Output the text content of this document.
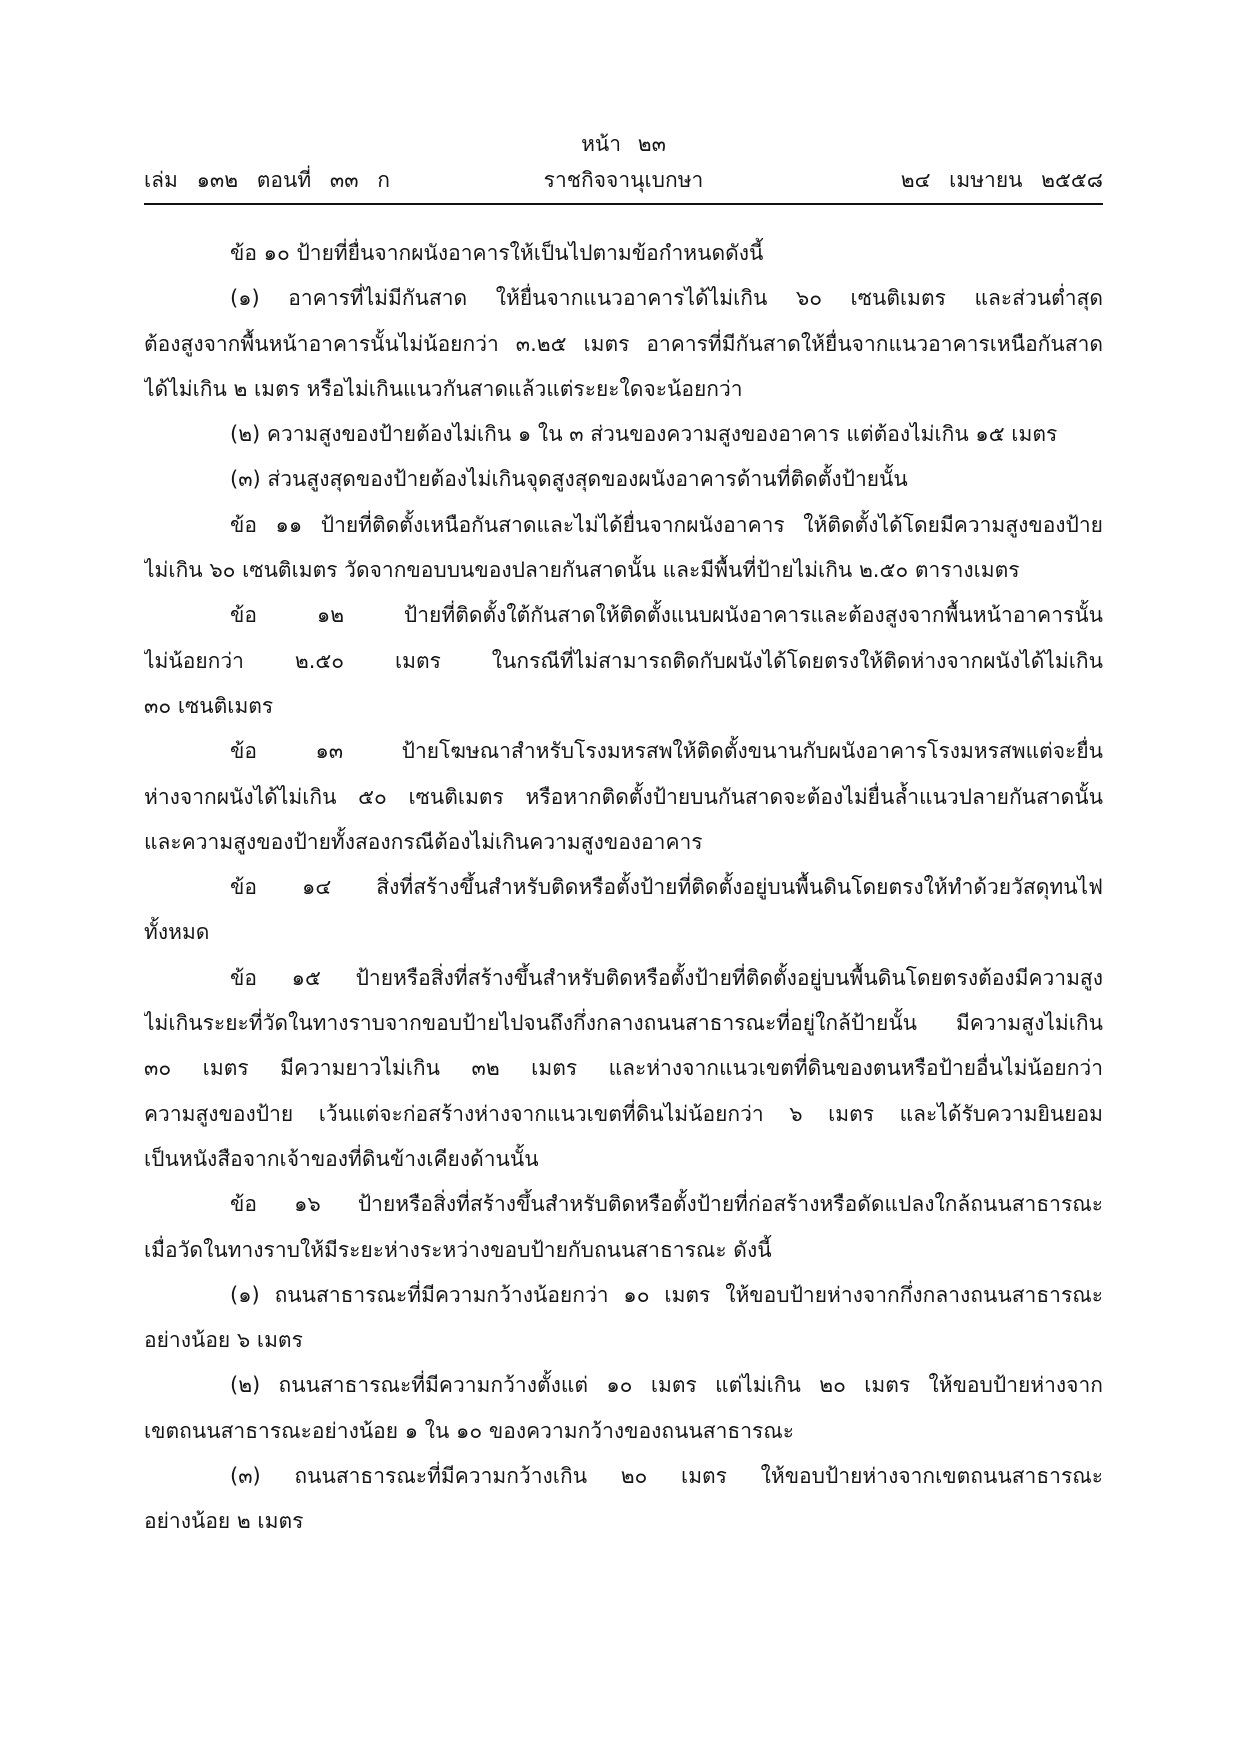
หน้า ๒๓
เล่ม ๑๓๒ ตอนที่ ๓๓ ก	ราชกิจจานุเบกษา	๒๔ เมษายน ๒๕๕๘
ข้อ ๑๐ ป้ายที่ยื่นจากผนังอาคารให้เป็นไปตามข้อกำหนดดังนี้
(๑) อาคารที่ไม่มีกันสาด ให้ยื่นจากแนวอาคารได้ไม่เกิน ๖๐ เซนติเมตร และส่วนต่ำสุด
ต้องสูงจากพื้นหน้าอาคารนั้นไม่น้อยกว่า ๓.๒๕ เมตร อาคารที่มีกันสาดให้ยื่นจากแนวอาคารเหนือกันสาด
ได้ไม่เกิน ๒ เมตร หรือไม่เกินแนวกันสาดแล้วแต่ระยะใดจะน้อยกว่า
(๒) ความสูงของป้ายต้องไม่เกิน ๑ ใน ๓ ส่วนของความสูงของอาคาร แต่ต้องไม่เกิน ๑๕ เมตร
(๓) ส่วนสูงสุดของป้ายต้องไม่เกินจุดสูงสุดของผนังอาคารด้านที่ติดตั้งป้ายนั้น
ข้อ ๑๑ ป้ายที่ติดตั้งเหนือกันสาดและไม่ได้ยื่นจากผนังอาคาร ให้ติดตั้งได้โดยมีความสูงของป้าย
ไม่เกิน ๖๐ เซนติเมตร วัดจากขอบบนของปลายกันสาดนั้น และมีพื้นที่ป้ายไม่เกิน ๒.๕๐ ตารางเมตร
ข้อ ๑๒ ป้ายที่ติดตั้งใต้กันสาดให้ติดตั้งแนบผนังอาคารและต้องสูงจากพื้นหน้าอาคารนั้น
ไม่น้อยกว่า ๒.๕๐ เมตร ในกรณีที่ไม่สามารถติดกับผนังได้โดยตรงให้ติดห่างจากผนังได้ไม่เกิน
๓๐ เซนติเมตร
ข้อ ๑๓ ป้ายโฆษณาสำหรับโรงมหรสพให้ติดตั้งขนานกับผนังอาคารโรงมหรสพแต่จะยื่น
ห่างจากผนังได้ไม่เกิน ๕๐ เซนติเมตร หรือหากติดตั้งป้ายบนกันสาดจะต้องไม่ยื่นล้ำแนวปลายกันสาดนั้น
และความสูงของป้ายทั้งสองกรณีต้องไม่เกินความสูงของอาคาร
ข้อ ๑๔ สิ่งที่สร้างขึ้นสำหรับติดหรือตั้งป้ายที่ติดตั้งอยู่บนพื้นดินโดยตรงให้ทำด้วยวัสดุทนไฟ
ทั้งหมด
ข้อ ๑๕ ป้ายหรือสิ่งที่สร้างขึ้นสำหรับติดหรือตั้งป้ายที่ติดตั้งอยู่บนพื้นดินโดยตรงต้องมีความสูง
ไม่เกินระยะที่วัดในทางราบจากขอบป้ายไปจนถึงกึ่งกลางถนนสาธารณะที่อยู่ใกล้ป้ายนั้น มีความสูงไม่เกิน
๓๐ เมตร มีความยาวไม่เกิน ๓๒ เมตร และห่างจากแนวเขตที่ดินของตนหรือป้ายอื่นไม่น้อยกว่า
ความสูงของป้าย เว้นแต่จะก่อสร้างห่างจากแนวเขตที่ดินไม่น้อยกว่า ๖ เมตร และได้รับความยินยอม
เป็นหนังสือจากเจ้าของที่ดินข้างเคียงด้านนั้น
ข้อ ๑๖ ป้ายหรือสิ่งที่สร้างขึ้นสำหรับติดหรือตั้งป้ายที่ก่อสร้างหรือดัดแปลงใกล้ถนนสาธารณะ
เมื่อวัดในทางราบให้มีระยะห่างระหว่างขอบป้ายกับถนนสาธารณะ ดังนี้
(๑) ถนนสาธารณะที่มีความกว้างน้อยกว่า ๑๐ เมตร ให้ขอบป้ายห่างจากกึ่งกลางถนนสาธารณะ
อย่างน้อย ๖ เมตร
(๒) ถนนสาธารณะที่มีความกว้างตั้งแต่ ๑๐ เมตร แต่ไม่เกิน ๒๐ เมตร ให้ขอบป้ายห่างจาก
เขตถนนสาธารณะอย่างน้อย ๑ ใน ๑๐ ของความกว้างของถนนสาธารณะ
(๓) ถนนสาธารณะที่มีความกว้างเกิน ๒๐ เมตร ให้ขอบป้ายห่างจากเขตถนนสาธารณะ
อย่างน้อย ๒ เมตร
